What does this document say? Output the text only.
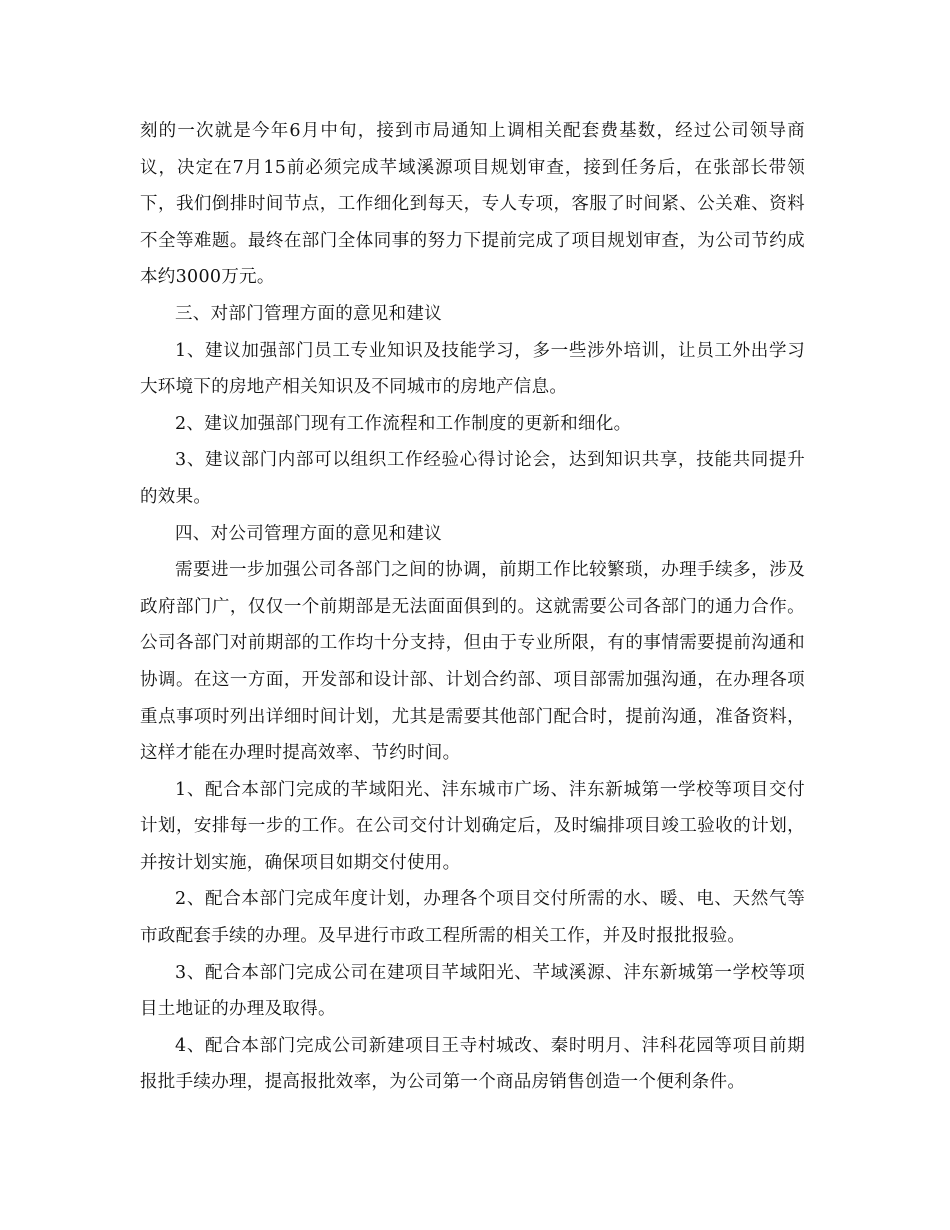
刻的一次就是今年6月中旬，接到市局通知上调相关配套费基数，经过公司领导商议，决定在7月15前必须完成芊域溪源项目规划审查，接到任务后，在张部长带领下，我们倒排时间节点，工作细化到每天，专人专项，客服了时间紧、公关难、资料不全等难题。最终在部门全体同事的努力下提前完成了项目规划审查，为公司节约成本约3000万元。

三、对部门管理方面的意见和建议

1、建议加强部门员工专业知识及技能学习，多一些涉外培训，让员工外出学习大环境下的房地产相关知识及不同城市的房地产信息。

2、建议加强部门现有工作流程和工作制度的更新和细化。

3、建议部门内部可以组织工作经验心得讨论会，达到知识共享，技能共同提升的效果。

四、对公司管理方面的意见和建议

需要进一步加强公司各部门之间的协调，前期工作比较繁琐，办理手续多，涉及政府部门广，仅仅一个前期部是无法面面俱到的。这就需要公司各部门的通力合作。公司各部门对前期部的工作均十分支持，但由于专业所限，有的事情需要提前沟通和协调。在这一方面，开发部和设计部、计划合约部、项目部需加强沟通，在办理各项重点事项时列出详细时间计划，尤其是需要其他部门配合时，提前沟通，准备资料，这样才能在办理时提高效率、节约时间。

1、配合本部门完成的芊域阳光、沣东城市广场、沣东新城第一学校等项目交付计划，安排每一步的工作。在公司交付计划确定后，及时编排项目竣工验收的计划，并按计划实施，确保项目如期交付使用。

2、配合本部门完成年度计划，办理各个项目交付所需的水、暖、电、天然气等市政配套手续的办理。及早进行市政工程所需的相关工作，并及时报批报验。

3、配合本部门完成公司在建项目芊域阳光、芊域溪源、沣东新城第一学校等项目土地证的办理及取得。

4、配合本部门完成公司新建项目王寺村城改、秦时明月、沣科花园等项目前期报批手续办理，提高报批效率，为公司第一个商品房销售创造一个便利条件。
